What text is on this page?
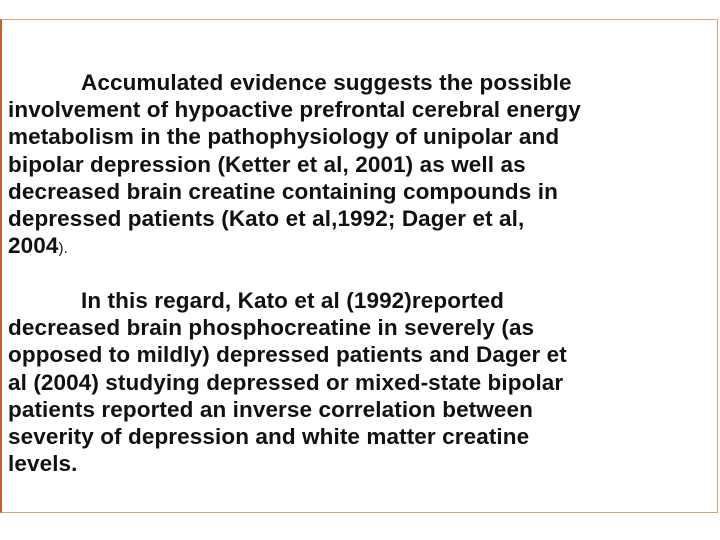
Accumulated evidence suggests the possible
involvement of hypoactive prefrontal cerebral energy
metabolism in the pathophysiology of unipolar and
bipolar depression (Ketter et al, 2001) as well as
decreased brain creatine containing compounds in
depressed patients (Kato et al,1992; Dager et al,
2004).
In this regard, Kato et al (1992)reported
decreased brain phosphocreatine in severely (as
opposed to mildly) depressed patients and Dager et
al (2004) studying depressed or mixed-state bipolar
patients reported an inverse correlation between
severity of depression and white matter creatine
levels.
